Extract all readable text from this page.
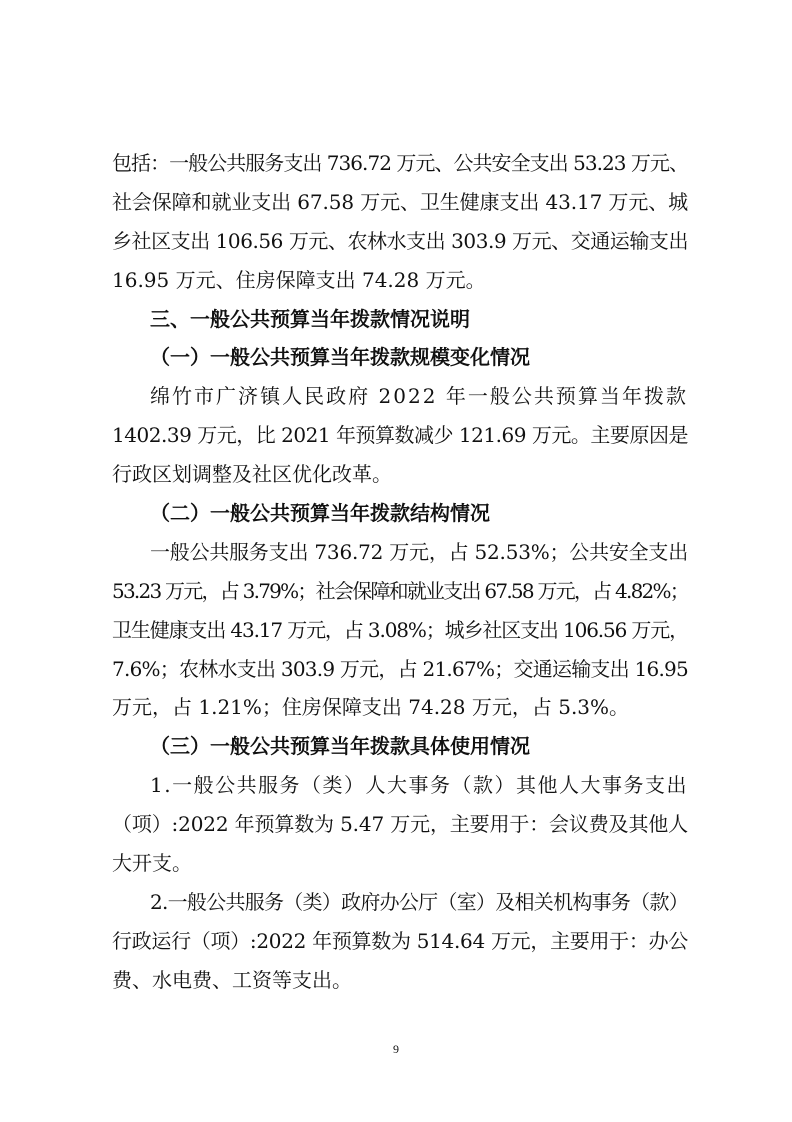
包括：一般公共服务支出 736.72 万元、公共安全支出 53.23 万元、
社会保障和就业支出 67.58 万元、卫生健康支出 43.17 万元、城
乡社区支出 106.56 万元、农林水支出 303.9 万元、交通运输支出
16.95 万元、住房保障支出 74.28 万元。
三、一般公共预算当年拨款情况说明
（一）一般公共预算当年拨款规模变化情况
绵竹市广济镇人民政府 2022 年一般公共预算当年拨款
1402.39 万元，比 2021 年预算数减少 121.69 万元。主要原因是
行政区划调整及社区优化改革。
（二）一般公共预算当年拨款结构情况
一般公共服务支出 736.72 万元，占 52.53%；公共安全支出
53.23 万元，占 3.79%；社会保障和就业支出 67.58 万元，占 4.82%；
卫生健康支出 43.17 万元，占 3.08%；城乡社区支出 106.56 万元，
7.6%；农林水支出 303.9 万元，占 21.67%；交通运输支出 16.95
万元，占 1.21%；住房保障支出 74.28 万元，占 5.3%。
（三）一般公共预算当年拨款具体使用情况
1.一般公共服务（类）人大事务（款）其他人大事务支出
（项）:2022 年预算数为 5.47 万元，主要用于：会议费及其他人
大开支。
2.一般公共服务（类）政府办公厅（室）及相关机构事务（款）
行政运行（项）:2022 年预算数为 514.64 万元，主要用于：办公
费、水电费、工资等支出。
9
